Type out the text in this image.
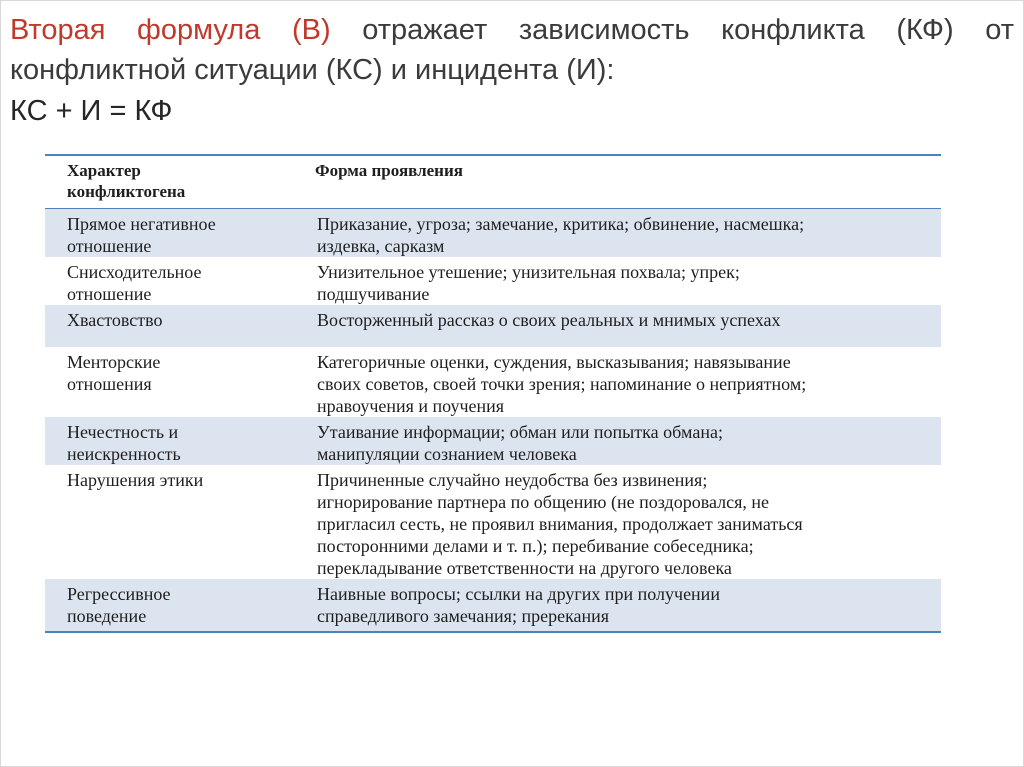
Вторая формула (В) отражает зависимость конфликта (КФ) от конфликтной ситуации (КС) и инцидента (И):
КС + И = КФ
Характер
конфликтогена	Форма проявления

Прямое негативное
отношение	Приказание, угроза; замечание, критика; обвинение, насмешка;
издевка, сарказм

Снисходительное
отношение	Унизительное утешение; унизительная похвала; упрек;
подшучивание

Хвастовство	Восторженный рассказ о своих реальных и мнимых успехах

Менторские
отношения	Категоричные оценки, суждения, высказывания; навязывание
своих советов, своей точки зрения; напоминание о неприятном;
нравоучения и поучения

Нечестность и
неискренность	Утаивание информации; обман или попытка обмана;
манипуляции сознанием человека

Нарушения этики	Причиненные случайно неудобства без извинения;
игнорирование партнера по общению (не поздоровался, не
пригласил сесть, не проявил внимания, продолжает заниматься
посторонними делами и т. п.); перебивание собеседника;
перекладывание ответственности на другого человека

Регрессивное
поведение	Наивные вопросы; ссылки на других при получении
справедливого замечания; пререкания
